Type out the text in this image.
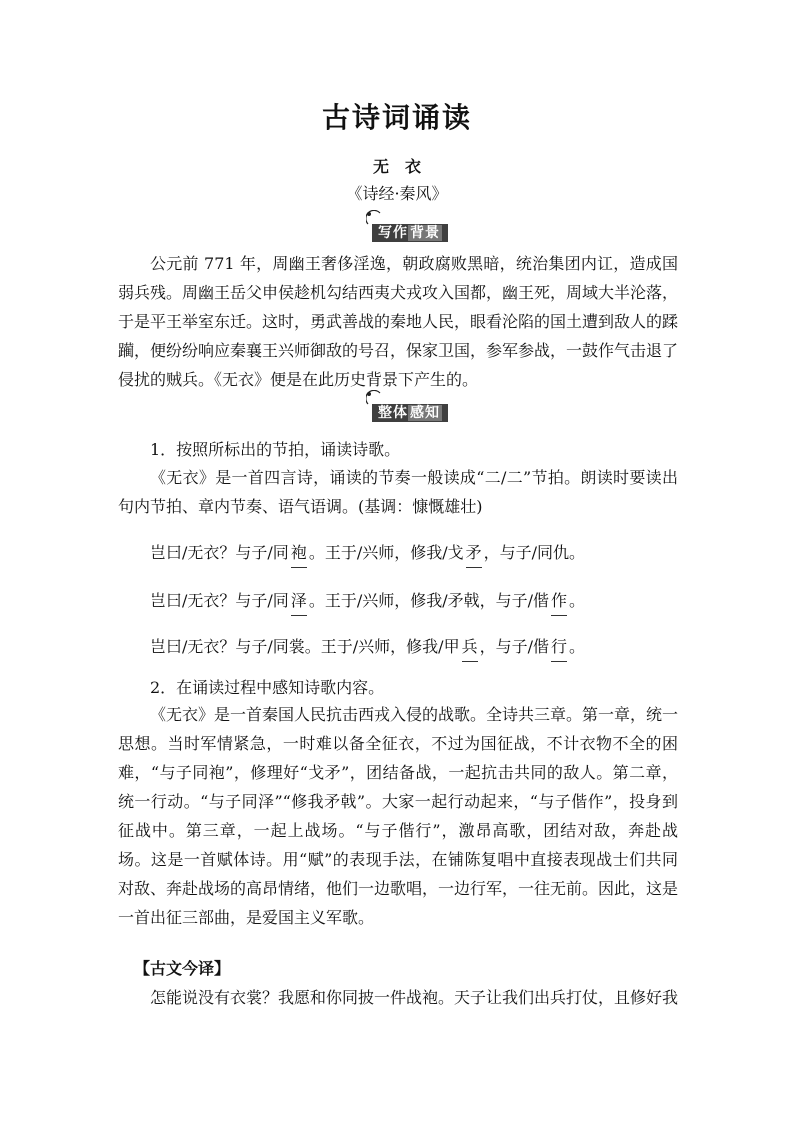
古诗词诵读
无　衣
《诗经·秦风》
写作 背景
公元前 771 年，周幽王奢侈淫逸，朝政腐败黑暗，统治集团内讧，造成国弱兵残。周幽王岳父申侯趁机勾结西夷犬戎攻入国都，幽王死，周域大半沦落，于是平王举室东迁。这时，勇武善战的秦地人民，眼看沦陷的国土遭到敌人的蹂躏，便纷纷响应秦襄王兴师御敌的号召，保家卫国，参军参战，一鼓作气击退了侵扰的贼兵。《无衣》便是在此历史背景下产生的。
整体 感知
1．按照所标出的节拍，诵读诗歌。
《无衣》是一首四言诗，诵读的节奏一般读成“二/二”节拍。朗读时要读出句内节拍、章内节奏、语气语调。(基调：慷慨雄壮)
岂曰/无衣？与子/同 袍 。王于/兴师，修我/戈 矛 ，与子/同仇。
岂曰/无衣？与子/同 泽 。王于/兴师，修我/矛戟，与子/偕 作 。
岂曰/无衣？与子/同裳。王于/兴师，修我/甲 兵 ，与子/偕 行 。
2．在诵读过程中感知诗歌内容。
《无衣》是一首秦国人民抗击西戎入侵的战歌。全诗共三章。第一章，统一思想。当时军情紧急，一时难以备全征衣，不过为国征战，不计衣物不全的困难，“与子同袍”，修理好“戈矛”，团结备战，一起抗击共同的敌人。第二章，统一行动。“与子同泽”“修我矛戟”。大家一起行动起来，“与子偕作”，投身到征战中。第三章，一起上战场。“与子偕行”，激昂高歌，团结对敌，奔赴战场。这是一首赋体诗。用“赋”的表现手法，在铺陈复唱中直接表现战士们共同对敌、奔赴战场的高昂情绪，他们一边歌唱，一边行军，一往无前。因此，这是一首出征三部曲，是爱国主义军歌。
【古文今译】
怎能说没有衣裳？我愿和你同披一件战袍。天子让我们出兵打仗，且修好我
